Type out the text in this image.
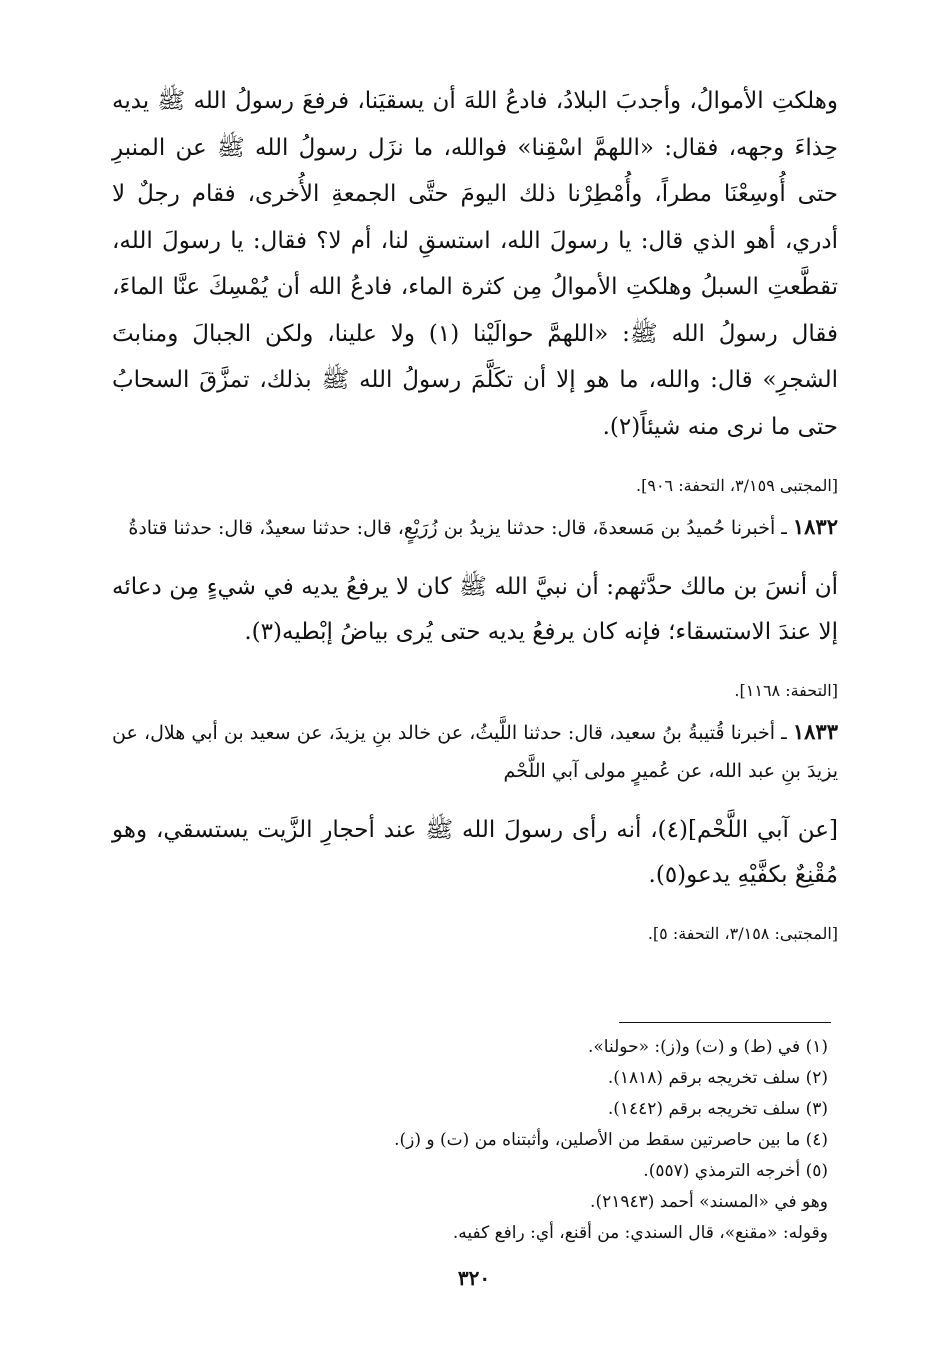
وهلكتِ الأموالُ، وأجدبَ البلادُ، فادعُ اللهَ أن يسقيَنا، فرفعَ رسولُ الله ﷺ يديه حِذاءَ وجهه، فقال: «اللهمَّ اسْقِنا» فوالله، ما نزَل رسولُ الله ﷺ عن المنبرِ حتى أُوسِعْنَا مطراً، وأُمْطِرْنا ذلك اليومَ حتَّى الجمعةِ الأُخرى، فقام رجلٌ لا أدري، أهو الذي قال: يا رسولَ الله، استسقِ لنا، أم لا؟ فقال: يا رسولَ الله، تقطَّعتِ السبلُ وهلكتِ الأموالُ مِن كثرة الماء، فادعُ الله أن يُمْسِكَ عنَّا الماءَ، فقال رسولُ الله ﷺ: «اللهمَّ حوالَيْنا (١) ولا علينا، ولكن الجبالَ ومنابتَ الشجرِ» قال: والله، ما هو إلا أن تكَلَّمَ رسولُ الله ﷺ بذلك، تمزَّقَ السحابُ حتى ما نرى منه شيئاً(٢).

[المجتبى ٣/١٥٩، التحفة: ٩٠٦].

١٨٣٢ ـ أخبرنا حُميدُ بن مَسعدةَ، قال: حدثنا يزيدُ بن زُرَيْعٍ، قال: حدثنا سعيدٌ، قال: حدثنا قتادةُ

أن أنسَ بن مالك حدَّثهم: أن نبيَّ الله ﷺ كان لا يرفعُ يديه في شيءٍ مِن دعائه إلا عندَ الاستسقاء؛ فإنه كان يرفعُ يديه حتى يُرى بياضُ إبْطيه(٣).

[التحفة: ١١٦٨].

١٨٣٣ ـ أخبرنا قُتيبةُ بنُ سعيد، قال: حدثنا اللَّيثُ، عن خالد بنِ يزيدَ، عن سعيد بن أبي هلال، عن يزيدَ بنِ عبد الله، عن عُميرٍ مولى آبي اللَّحْم

[عن آبي اللَّحْم](٤)، أنه رأى رسولَ الله ﷺ عند أحجارِ الزَّيت يستسقي، وهو مُقْنِعٌ بكفَّيْهِ يدعو(٥).

[المجتبى: ٣/١٥٨، التحفة: ٥].

(١) في (ط) و (ت) و(ز): «حولنا».
(٢) سلف تخريجه برقم (١٨١٨).
(٣) سلف تخريجه برقم (١٤٤٢).
(٤) ما بين حاصرتين سقط من الأصلين، وأثبتناه من (ت) و (ز).
(٥) أخرجه الترمذي (٥٥٧).
وهو في «المسند» أحمد (٢١٩٤٣).
وقوله: «مقنع»، قال السندي: من أقنع، أي: رافع كفيه.
٣٢٠
